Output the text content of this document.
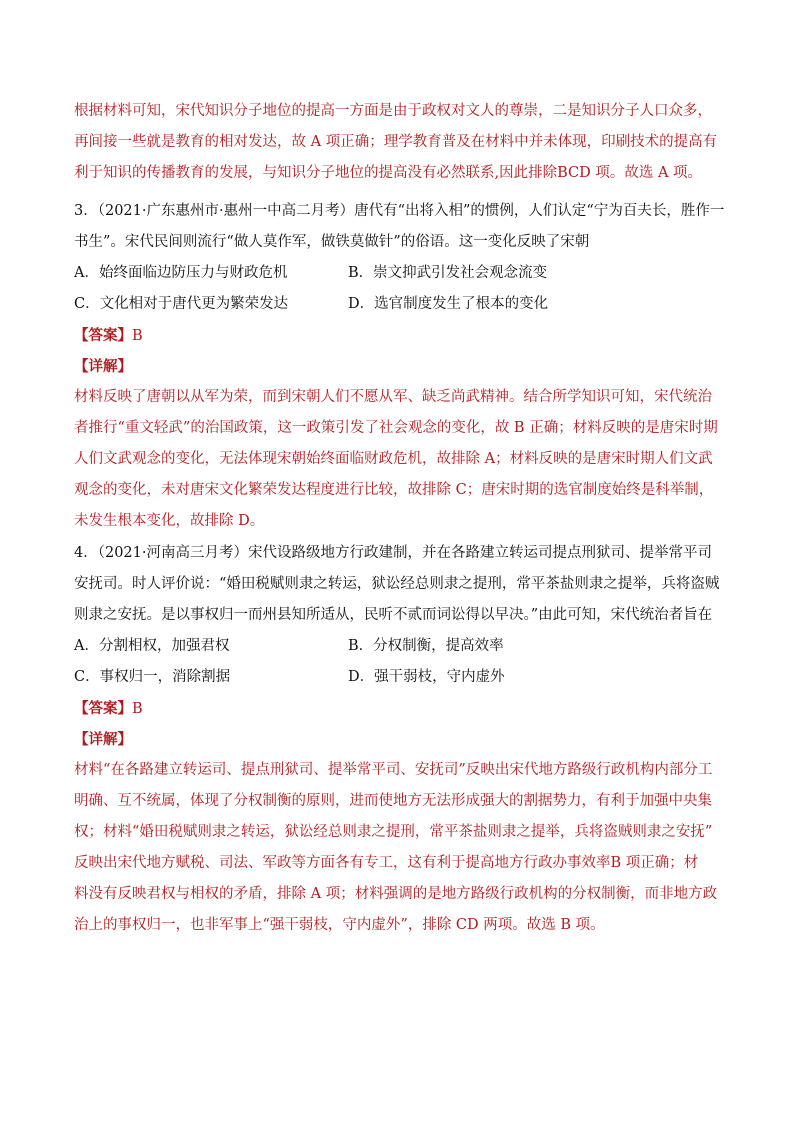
根据材料可知，宋代知识分子地位的提高一方面是由于政权对文人的尊崇，二是知识分子人口众多，
再间接一些就是教育的相对发达，故 A 项正确；理学教育普及在材料中并未体现，印刷技术的提高有
利于知识的传播教育的发展，与知识分子地位的提高没有必然联系,因此排除BCD 项。故选 A 项。
3．（2021·广东惠州市·惠州一中高二月考）唐代有“出将入相”的惯例，人们认定“宁为百夫长，胜作一
书生”。宋代民间则流行“做人莫作军，做铁莫做针”的俗语。这一变化反映了宋朝
A．始终面临边防压力与财政危机	B．崇文抑武引发社会观念流变
C．文化相对于唐代更为繁荣发达	D．选官制度发生了根本的变化
【答案】B
【详解】
材料反映了唐朝以从军为荣，而到宋朝人们不愿从军、缺乏尚武精神。结合所学知识可知，宋代统治
者推行“重文轻武”的治国政策，这一政策引发了社会观念的变化，故 B 正确；材料反映的是唐宋时期
人们文武观念的变化，无法体现宋朝始终面临财政危机，故排除 A；材料反映的是唐宋时期人们文武
观念的变化，未对唐宋文化繁荣发达程度进行比较，故排除 C；唐宋时期的选官制度始终是科举制，
未发生根本变化，故排除 D。
4．（2021·河南高三月考）宋代设路级地方行政建制，并在各路建立转运司提点刑狱司、提举常平司
安抚司。时人评价说：“婚田税赋则隶之转运，狱讼经总则隶之提刑，常平茶盐则隶之提举，兵将盗贼
则隶之安抚。是以事权归一而州县知所适从，民听不贰而词讼得以早决。”由此可知，宋代统治者旨在
A．分割相权，加强君权	B．分权制衡，提高效率
C．事权归一，消除割据	D．强干弱枝，守内虚外
【答案】B
【详解】
材料“在各路建立转运司、提点刑狱司、提举常平司、安抚司”反映出宋代地方路级行政机构内部分工
明确、互不统属，体现了分权制衡的原则，进而使地方无法形成强大的割据势力，有利于加强中央集
权；材料“婚田税赋则隶之转运，狱讼经总则隶之提刑，常平茶盐则隶之提举，兵将盗贼则隶之安抚”
反映出宋代地方赋税、司法、军政等方面各有专工，这有利于提高地方行政办事效率B 项正确；材
料没有反映君权与相权的矛盾，排除 A 项；材料强调的是地方路级行政机构的分权制衡，而非地方政
治上的事权归一，也非军事上“强干弱枝，守内虚外”，排除 CD 两项。故选 B 项。
